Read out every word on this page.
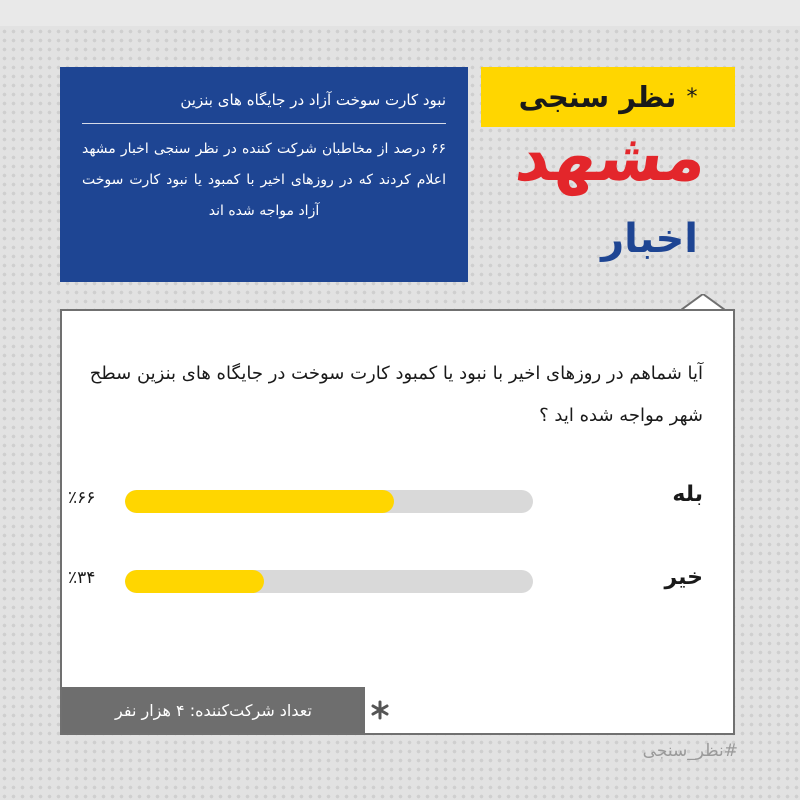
نبود کارت سوخت آزاد در جایگاه های بنزین
۶۶ درصد از مخاطبان شرکت کننده در نظر سنجی اخبار مشهد اعلام کردند که در روزهای اخیر با کمبود یا نبود کارت سوخت آزاد مواجه شده اند
*
نظر سنجی
مشهد
اخبار
آیا شماهم در روزهای اخیر با نبود یا کمبود کارت سوخت در جایگاه های بنزین سطح شهر مواجه شده اید ؟
بله
٪۶۶
خیر
٪۳۴
تعداد شرکت‌کننده: ۴ هزار نفر
#نظر_سنجی
